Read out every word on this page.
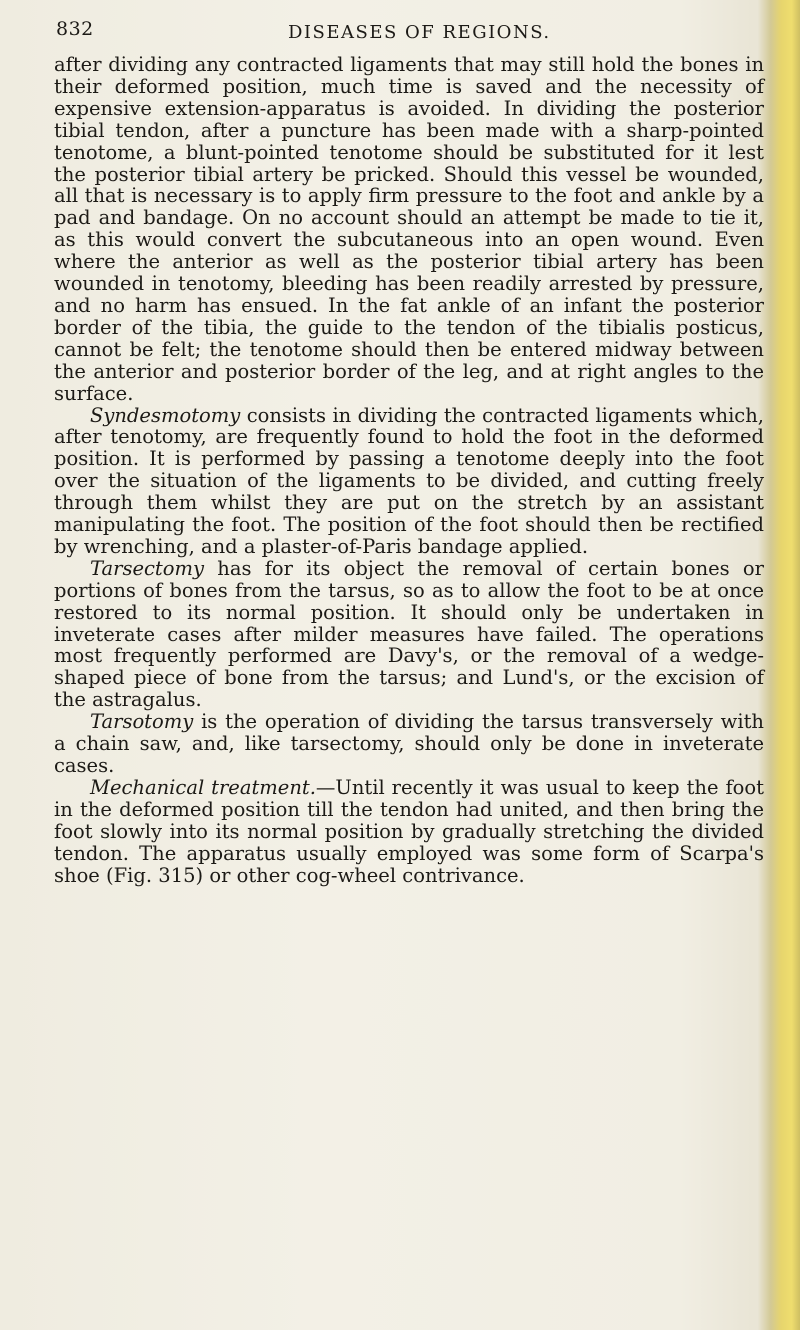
832	DISEASES OF REGIONS.

after dividing any contracted ligaments that may still hold the bones in their deformed position, much time is saved and the necessity of expensive extension-apparatus is avoided. In dividing the posterior tibial tendon, after a puncture has been made with a sharp-pointed tenotome, a blunt-pointed tenotome should be substituted for it lest the posterior tibial artery be pricked. Should this vessel be wounded, all that is necessary is to apply firm pressure to the foot and ankle by a pad and bandage. On no account should an attempt be made to tie it, as this would convert the subcutaneous into an open wound. Even where the anterior as well as the posterior tibial artery has been wounded in tenotomy, bleeding has been readily arrested by pressure, and no harm has ensued. In the fat ankle of an infant the posterior border of the tibia, the guide to the tendon of the tibialis posticus, cannot be felt; the tenotome should then be entered midway between the anterior and posterior border of the leg, and at right angles to the surface.

Syndesmotomy consists in dividing the contracted ligaments which, after tenotomy, are frequently found to hold the foot in the deformed position. It is performed by passing a tenotome deeply into the foot over the situation of the ligaments to be divided, and cutting freely through them whilst they are put on the stretch by an assistant manipulating the foot. The position of the foot should then be rectified by wrenching, and a plaster-of-Paris bandage applied.

Tarsectomy has for its object the removal of certain bones or portions of bones from the tarsus, so as to allow the foot to be at once restored to its normal position. It should only be undertaken in inveterate cases after milder measures have failed. The operations most frequently performed are Davy's, or the removal of a wedge-shaped piece of bone from the tarsus; and Lund's, or the excision of the astragalus.

Tarsotomy is the operation of dividing the tarsus transversely with a chain saw, and, like tarsectomy, should only be done in inveterate cases.

Mechanical treatment.—Until recently it was usual to keep the foot in the deformed position till the tendon had united, and then bring the foot slowly into its normal position by gradually stretching the divided tendon. The apparatus usually employed was some form of Scarpa's shoe (Fig. 315) or other cog-wheel contrivance.
